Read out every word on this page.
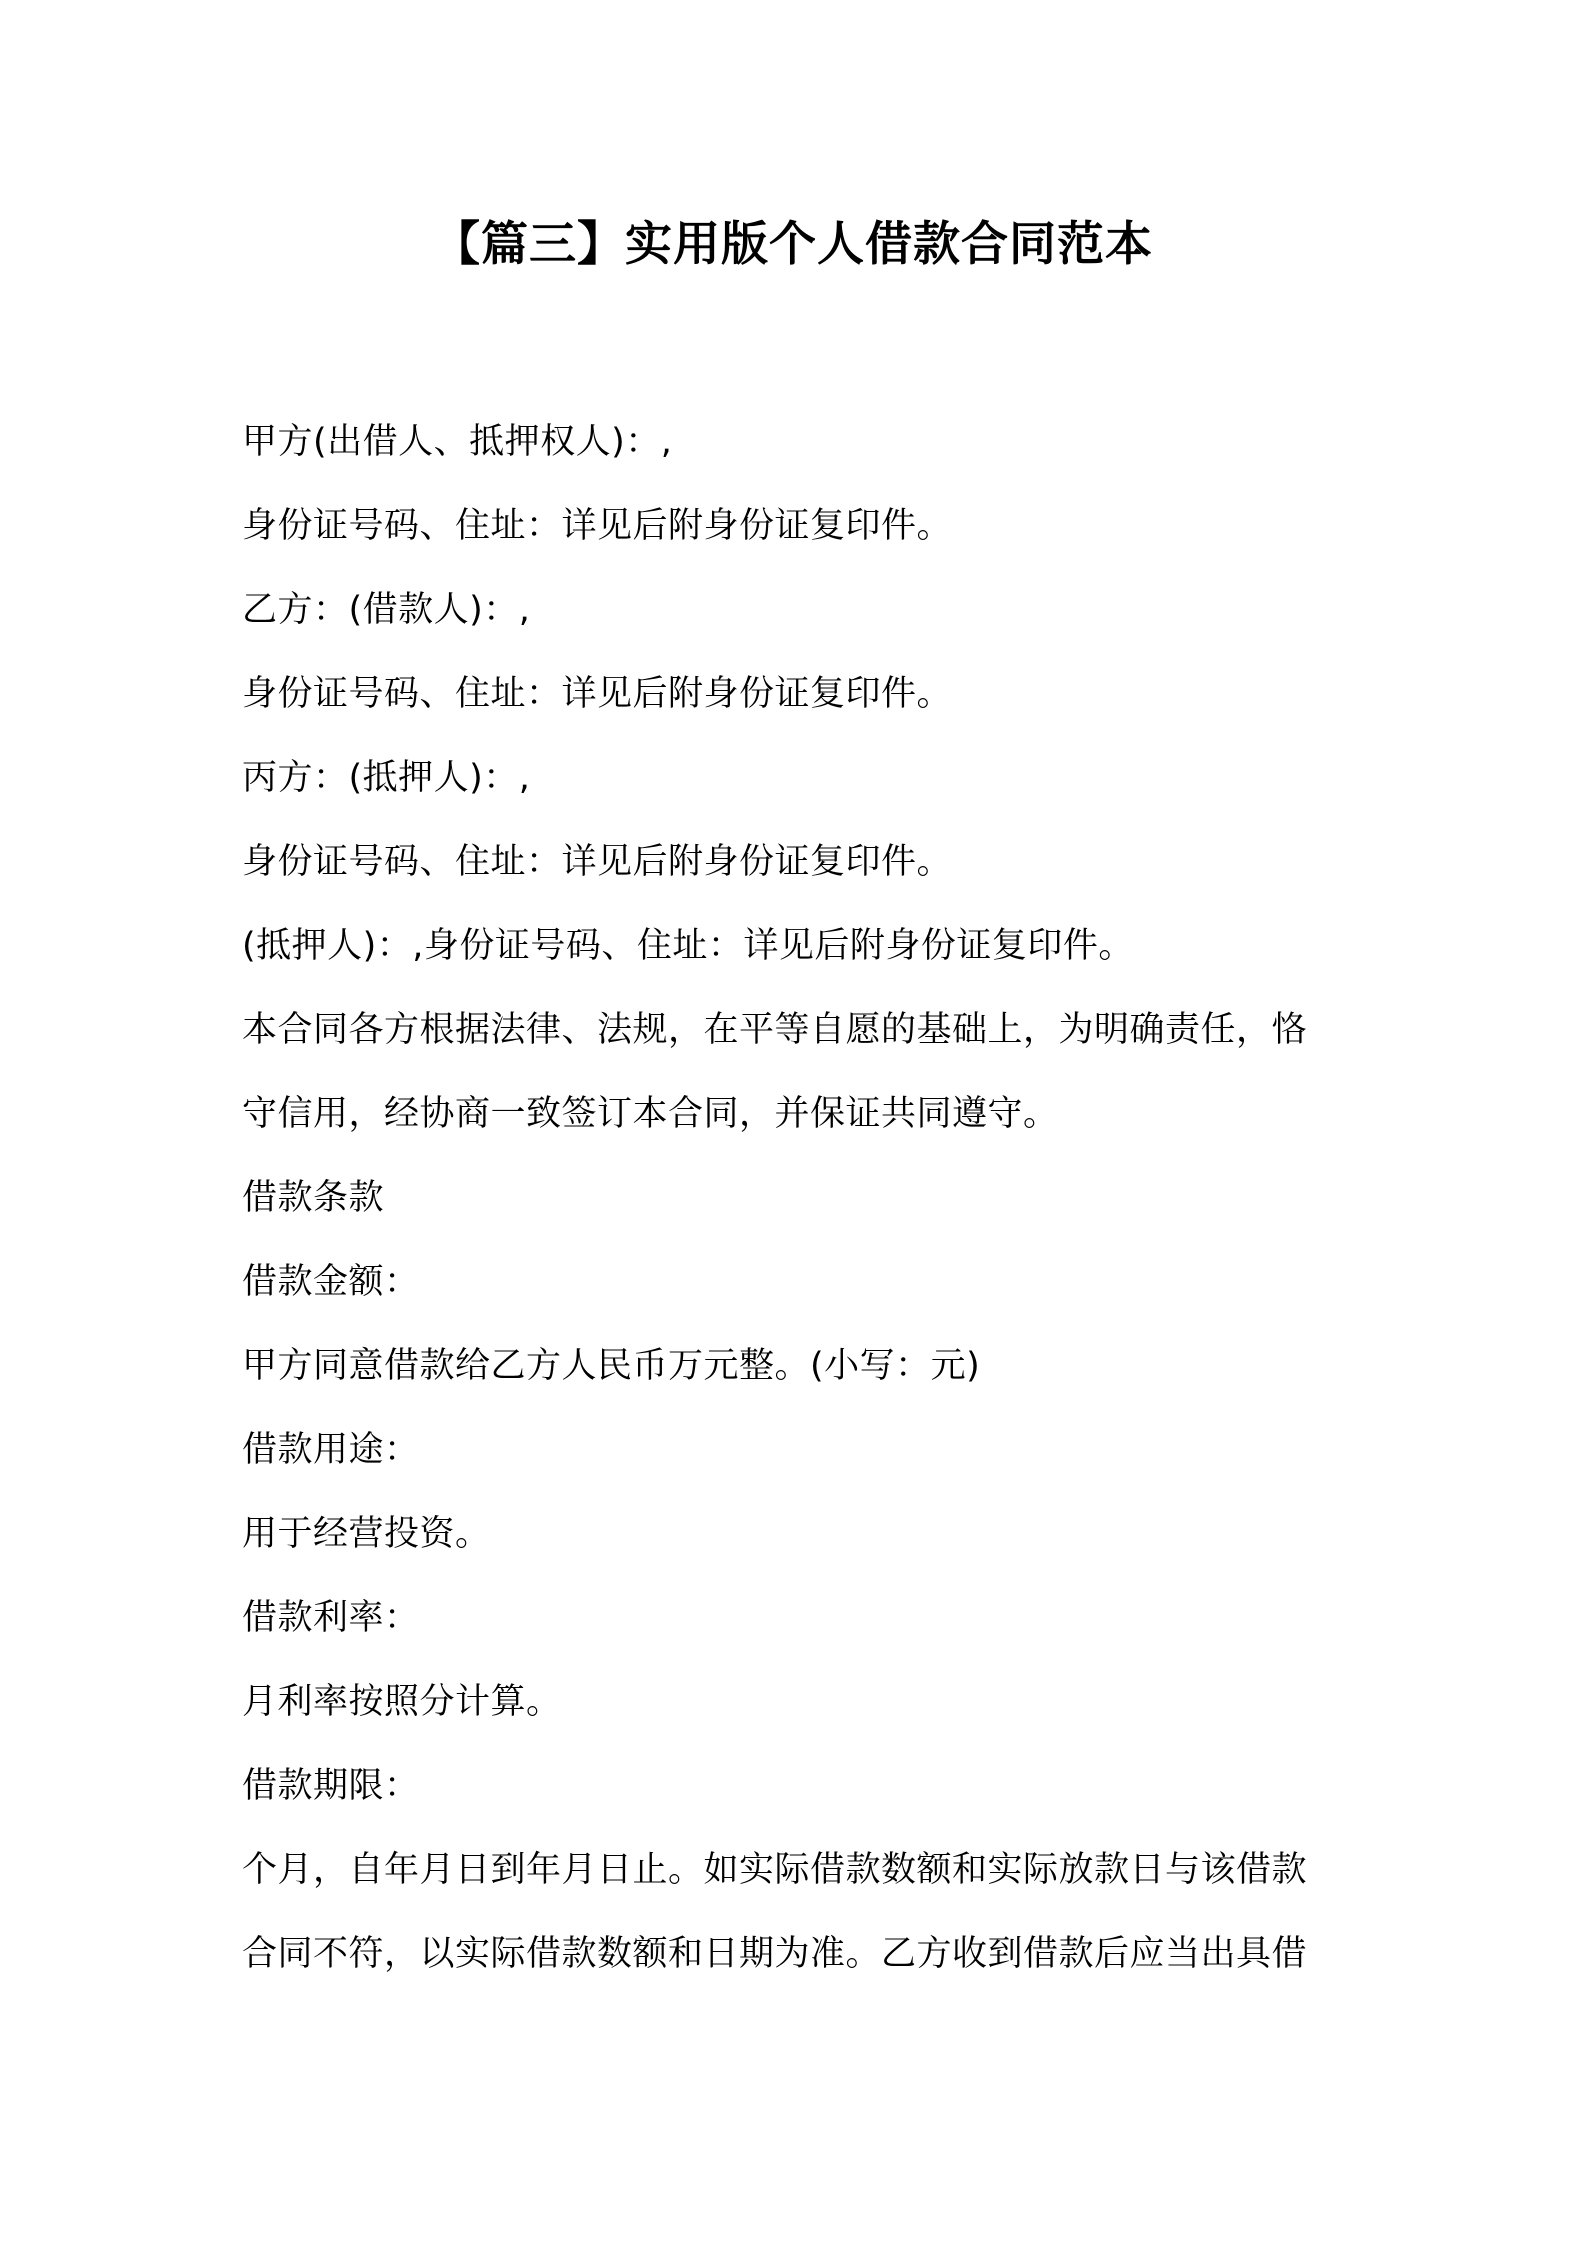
【篇三】实用版个人借款合同范本
甲方(出借人、抵押权人)：,
身份证号码、住址：详见后附身份证复印件。
乙方：(借款人)：,
身份证号码、住址：详见后附身份证复印件。
丙方：(抵押人)：,
身份证号码、住址：详见后附身份证复印件。
(抵押人)：,身份证号码、住址：详见后附身份证复印件。
本合同各方根据法律、法规，在平等自愿的基础上，为明确责任，恪
守信用，经协商一致签订本合同，并保证共同遵守。
借款条款
借款金额：
甲方同意借款给乙方人民币万元整。(小写：元)
借款用途：
用于经营投资。
借款利率：
月利率按照分计算。
借款期限：
个月，自年月日到年月日止。如实际借款数额和实际放款日与该借款
合同不符，以实际借款数额和日期为准。乙方收到借款后应当出具借
